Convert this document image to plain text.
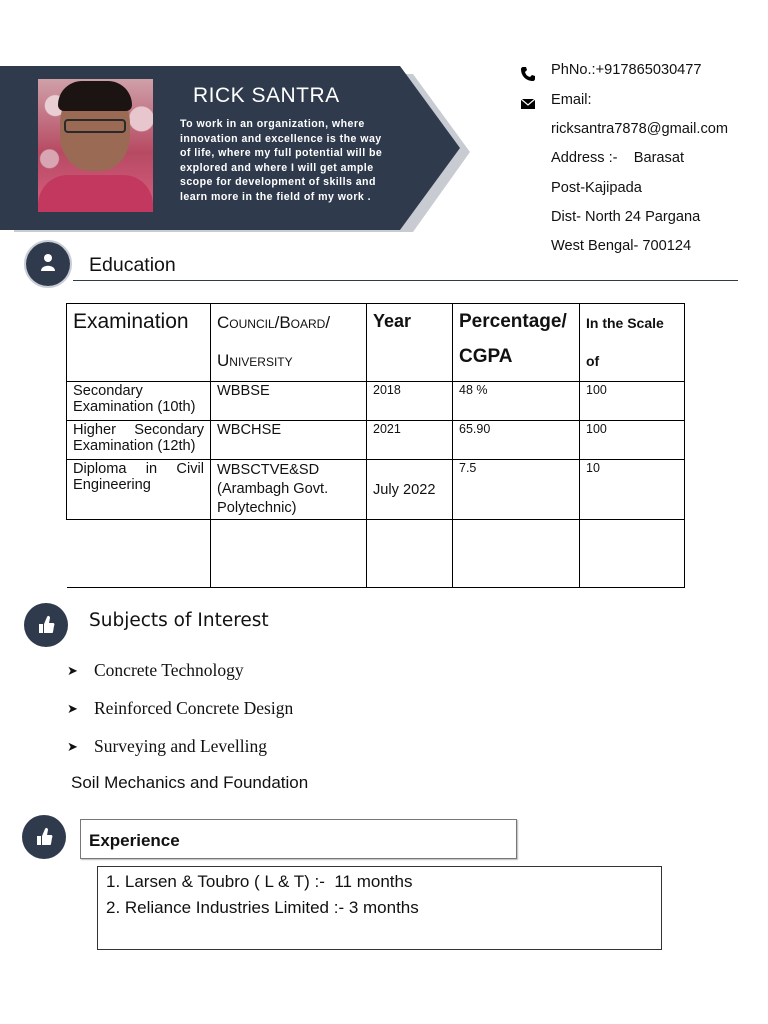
RICK SANTRA
To work in an organization, where innovation and excellence is the way of life, where my full potential will be explored and where I will get ample scope for development of skills and learn more in the field of my work .
PhNo.:+917865030477
Email:
ricksantra7878@gmail.com
Address :-    Barasat
Post-Kajipada
Dist- North 24 Pargana
West Bengal- 700124
Education
Examination	Council/Board/ University	Year	Percentage/ CGPA	In the Scale of
Secondary Examination (10th)	WBBSE	2018	48 %	100
Higher Secondary Examination (12th)	WBCHSE	2021	65.90	100
Diploma in Civil Engineering	WBSCTVE&SD (Arambagh Govt. Polytechnic)	July 2022	7.5	10

Subjects of Interest
➤ Concrete Technology
➤ Reinforced Concrete Design
➤ Surveying and Levelling
Soil Mechanics and Foundation
Experience
1. Larsen & Toubro ( L & T) :-  11 months
2. Reliance Industries Limited :- 3 months
